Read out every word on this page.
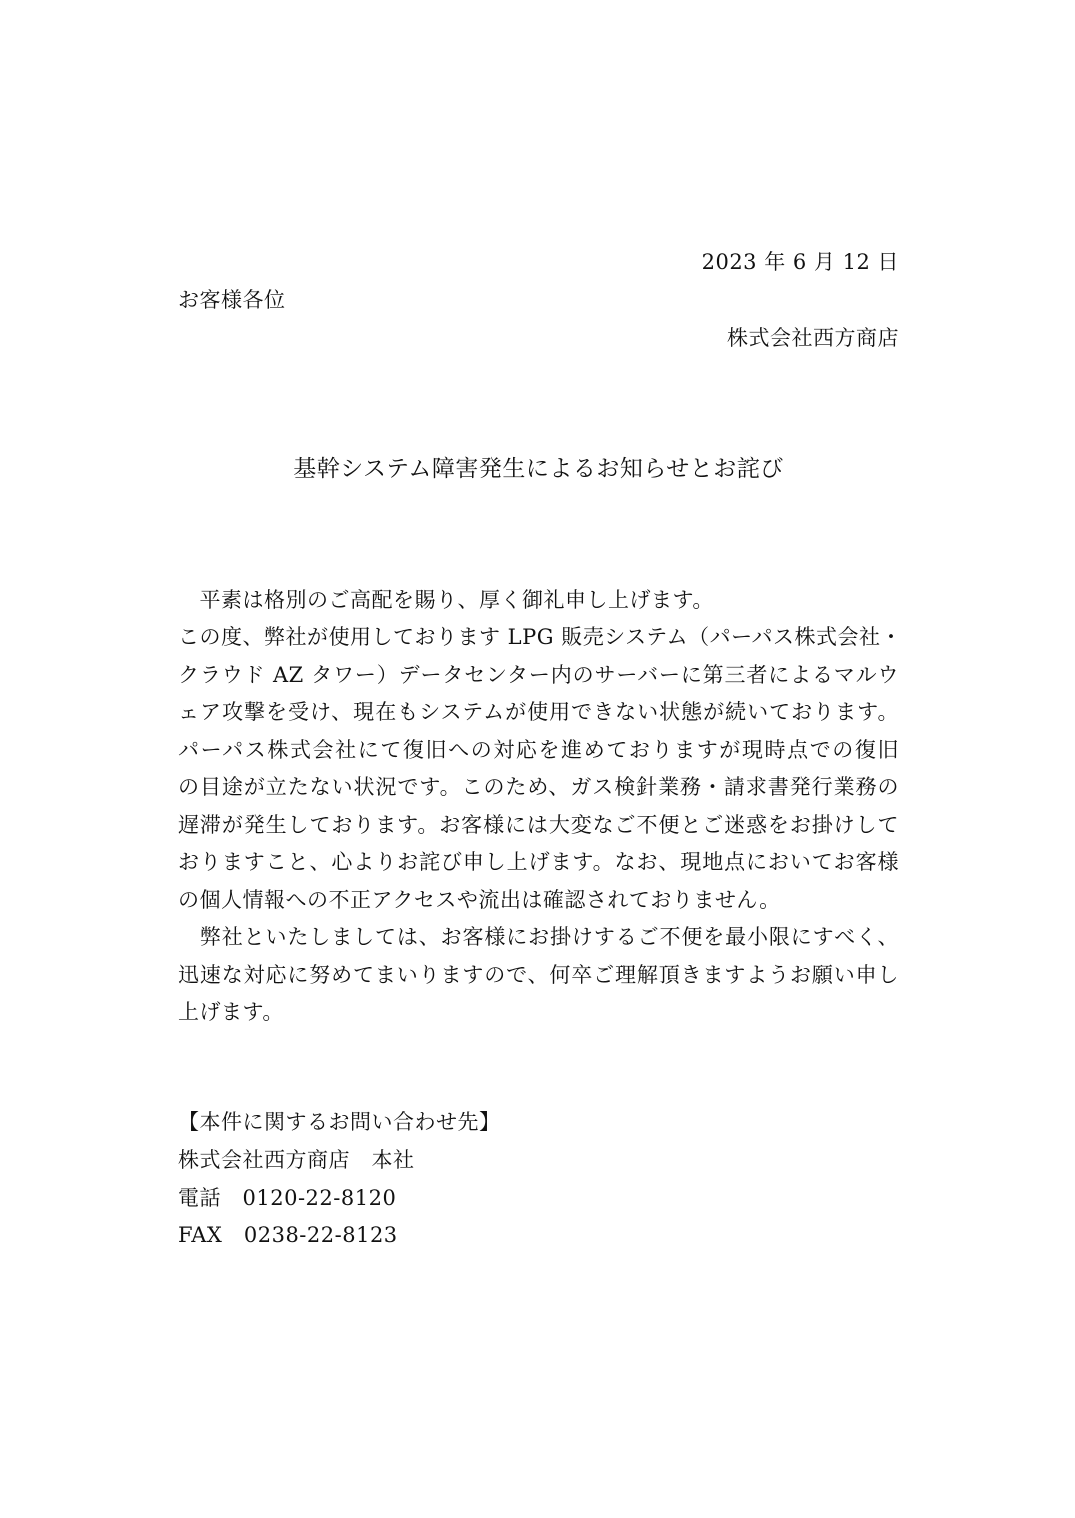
2023 年 6 月 12 日
お客様各位
株式会社西方商店
基幹システム障害発生によるお知らせとお詫び
　平素は格別のご高配を賜り、厚く御礼申し上げます。
この度、弊社が使用しております LPG 販売システム（パーパス株式会社・
クラウド AZ タワー）データセンター内のサーバーに第三者によるマルウ
ェア攻撃を受け、現在もシステムが使用できない状態が続いております。
パーパス株式会社にて復旧への対応を進めておりますが現時点での復旧
の目途が立たない状況です。このため、ガス検針業務・請求書発行業務の
遅滞が発生しております。お客様には大変なご不便とご迷惑をお掛けして
おりますこと、心よりお詫び申し上げます。なお、現地点においてお客様
の個人情報への不正アクセスや流出は確認されておりません。
　弊社といたしましては、お客様にお掛けするご不便を最小限にすべく、
迅速な対応に努めてまいりますので、何卒ご理解頂きますようお願い申し
上げます。
【本件に関するお問い合わせ先】
株式会社西方商店　本社
電話　0120-22-8120
FAX　0238-22-8123
